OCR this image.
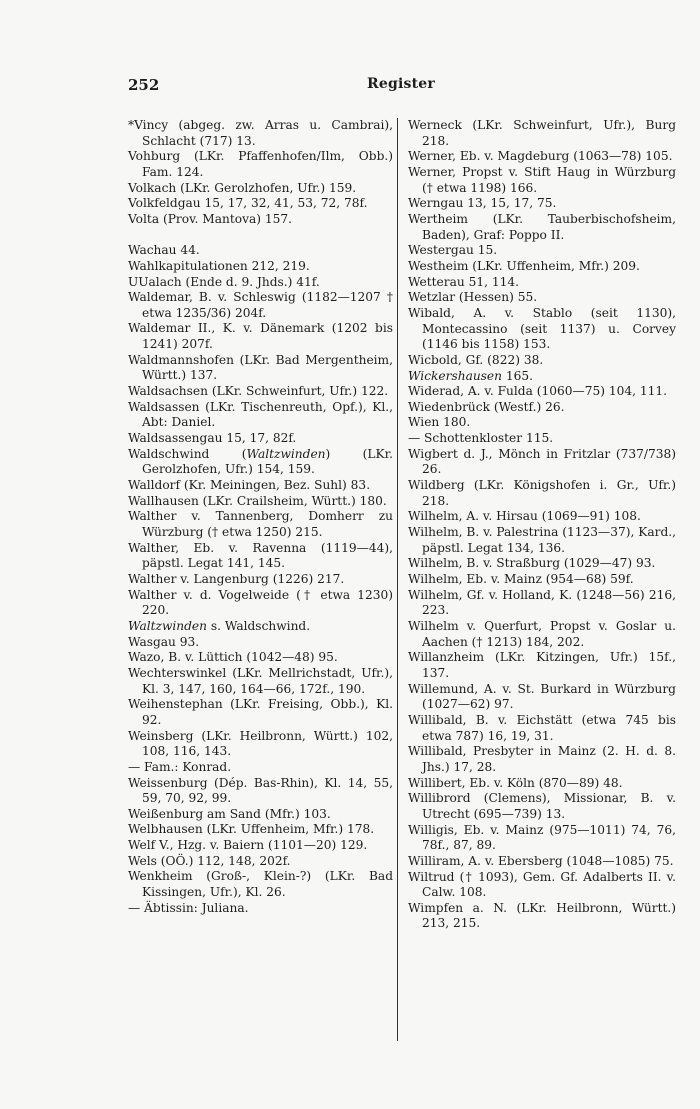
252	Register
*Vincy (abgeg. zw. Arras u. Cambrai), Schlacht (717) 13.
Vohburg (LKr. Pfaffenhofen/Ilm, Obb.) Fam. 124.
Volkach (LKr. Gerolzhofen, Ufr.) 159.
Volkfeldgau 15, 17, 32, 41, 53, 72, 78f.
Volta (Prov. Mantova) 157.
Wachau 44.
Wahlkapitulationen 212, 219.
UUalach (Ende d. 9. Jhds.) 41f.
Waldemar, B. v. Schleswig (1182—1207 † etwa 1235/36) 204f.
Waldemar II., K. v. Dänemark (1202 bis 1241) 207f.
Waldmannshofen (LKr. Bad Mergentheim, Württ.) 137.
Waldsachsen (LKr. Schweinfurt, Ufr.) 122.
Waldsassen (LKr. Tischenreuth, Opf.), Kl., Abt: Daniel.
Waldsassengau 15, 17, 82f.
Waldschwind (Waltzwinden) (LKr. Gerolzhofen, Ufr.) 154, 159.
Walldorf (Kr. Meiningen, Bez. Suhl) 83.
Wallhausen (LKr. Crailsheim, Württ.) 180.
Walther v. Tannenberg, Domherr zu Würzburg († etwa 1250) 215.
Walther, Eb. v. Ravenna (1119—44), päpstl. Legat 141, 145.
Walther v. Langenburg (1226) 217.
Walther v. d. Vogelweide († etwa 1230) 220.
Waltzwinden s. Waldschwind.
Wasgau 93.
Wazo, B. v. Lüttich (1042—48) 95.
Wechterswinkel (LKr. Mellrichstadt, Ufr.), Kl. 3, 147, 160, 164—66, 172f., 190.
Weihenstephan (LKr. Freising, Obb.), Kl. 92.
Weinsberg (LKr. Heilbronn, Württ.) 102, 108, 116, 143.
— Fam.: Konrad.
Weissenburg (Dép. Bas-Rhin), Kl. 14, 55, 59, 70, 92, 99.
Weißenburg am Sand (Mfr.) 103.
Welbhausen (LKr. Uffenheim, Mfr.) 178.
Welf V., Hzg. v. Baiern (1101—20) 129.
Wels (OÖ.) 112, 148, 202f.
Wenkheim (Groß-, Klein-?) (LKr. Bad Kissingen, Ufr.), Kl. 26.
— Äbtissin: Juliana.
Werneck (LKr. Schweinfurt, Ufr.), Burg 218.
Werner, Eb. v. Magdeburg (1063—78) 105.
Werner, Propst v. Stift Haug in Würzburg († etwa 1198) 166.
Werngau 13, 15, 17, 75.
Wertheim (LKr. Tauberbischofsheim, Baden), Graf: Poppo II.
Westergau 15.
Westheim (LKr. Uffenheim, Mfr.) 209.
Wetterau 51, 114.
Wetzlar (Hessen) 55.
Wibald, A. v. Stablo (seit 1130), Montecassino (seit 1137) u. Corvey (1146 bis 1158) 153.
Wicbold, Gf. (822) 38.
Wickershausen 165.
Widerad, A. v. Fulda (1060—75) 104, 111.
Wiedenbrück (Westf.) 26.
Wien 180.
— Schottenkloster 115.
Wigbert d. J., Mönch in Fritzlar (737/738) 26.
Wildberg (LKr. Königshofen i. Gr., Ufr.) 218.
Wilhelm, A. v. Hirsau (1069—91) 108.
Wilhelm, B. v. Palestrina (1123—37), Kard., päpstl. Legat 134, 136.
Wilhelm, B. v. Straßburg (1029—47) 93.
Wilhelm, Eb. v. Mainz (954—68) 59f.
Wilhelm, Gf. v. Holland, K. (1248—56) 216, 223.
Wilhelm v. Querfurt, Propst v. Goslar u. Aachen († 1213) 184, 202.
Willanzheim (LKr. Kitzingen, Ufr.) 15f., 137.
Willemund, A. v. St. Burkard in Würzburg (1027—62) 97.
Willibald, B. v. Eichstätt (etwa 745 bis etwa 787) 16, 19, 31.
Willibald, Presbyter in Mainz (2. H. d. 8. Jhs.) 17, 28.
Willibert, Eb. v. Köln (870—89) 48.
Willibrord (Clemens), Missionar, B. v. Utrecht (695—739) 13.
Willigis, Eb. v. Mainz (975—1011) 74, 76, 78f., 87, 89.
Williram, A. v. Ebersberg (1048—1085) 75.
Wiltrud († 1093), Gem. Gf. Adalberts II. v. Calw. 108.
Wimpfen a. N. (LKr. Heilbronn, Württ.) 213, 215.
